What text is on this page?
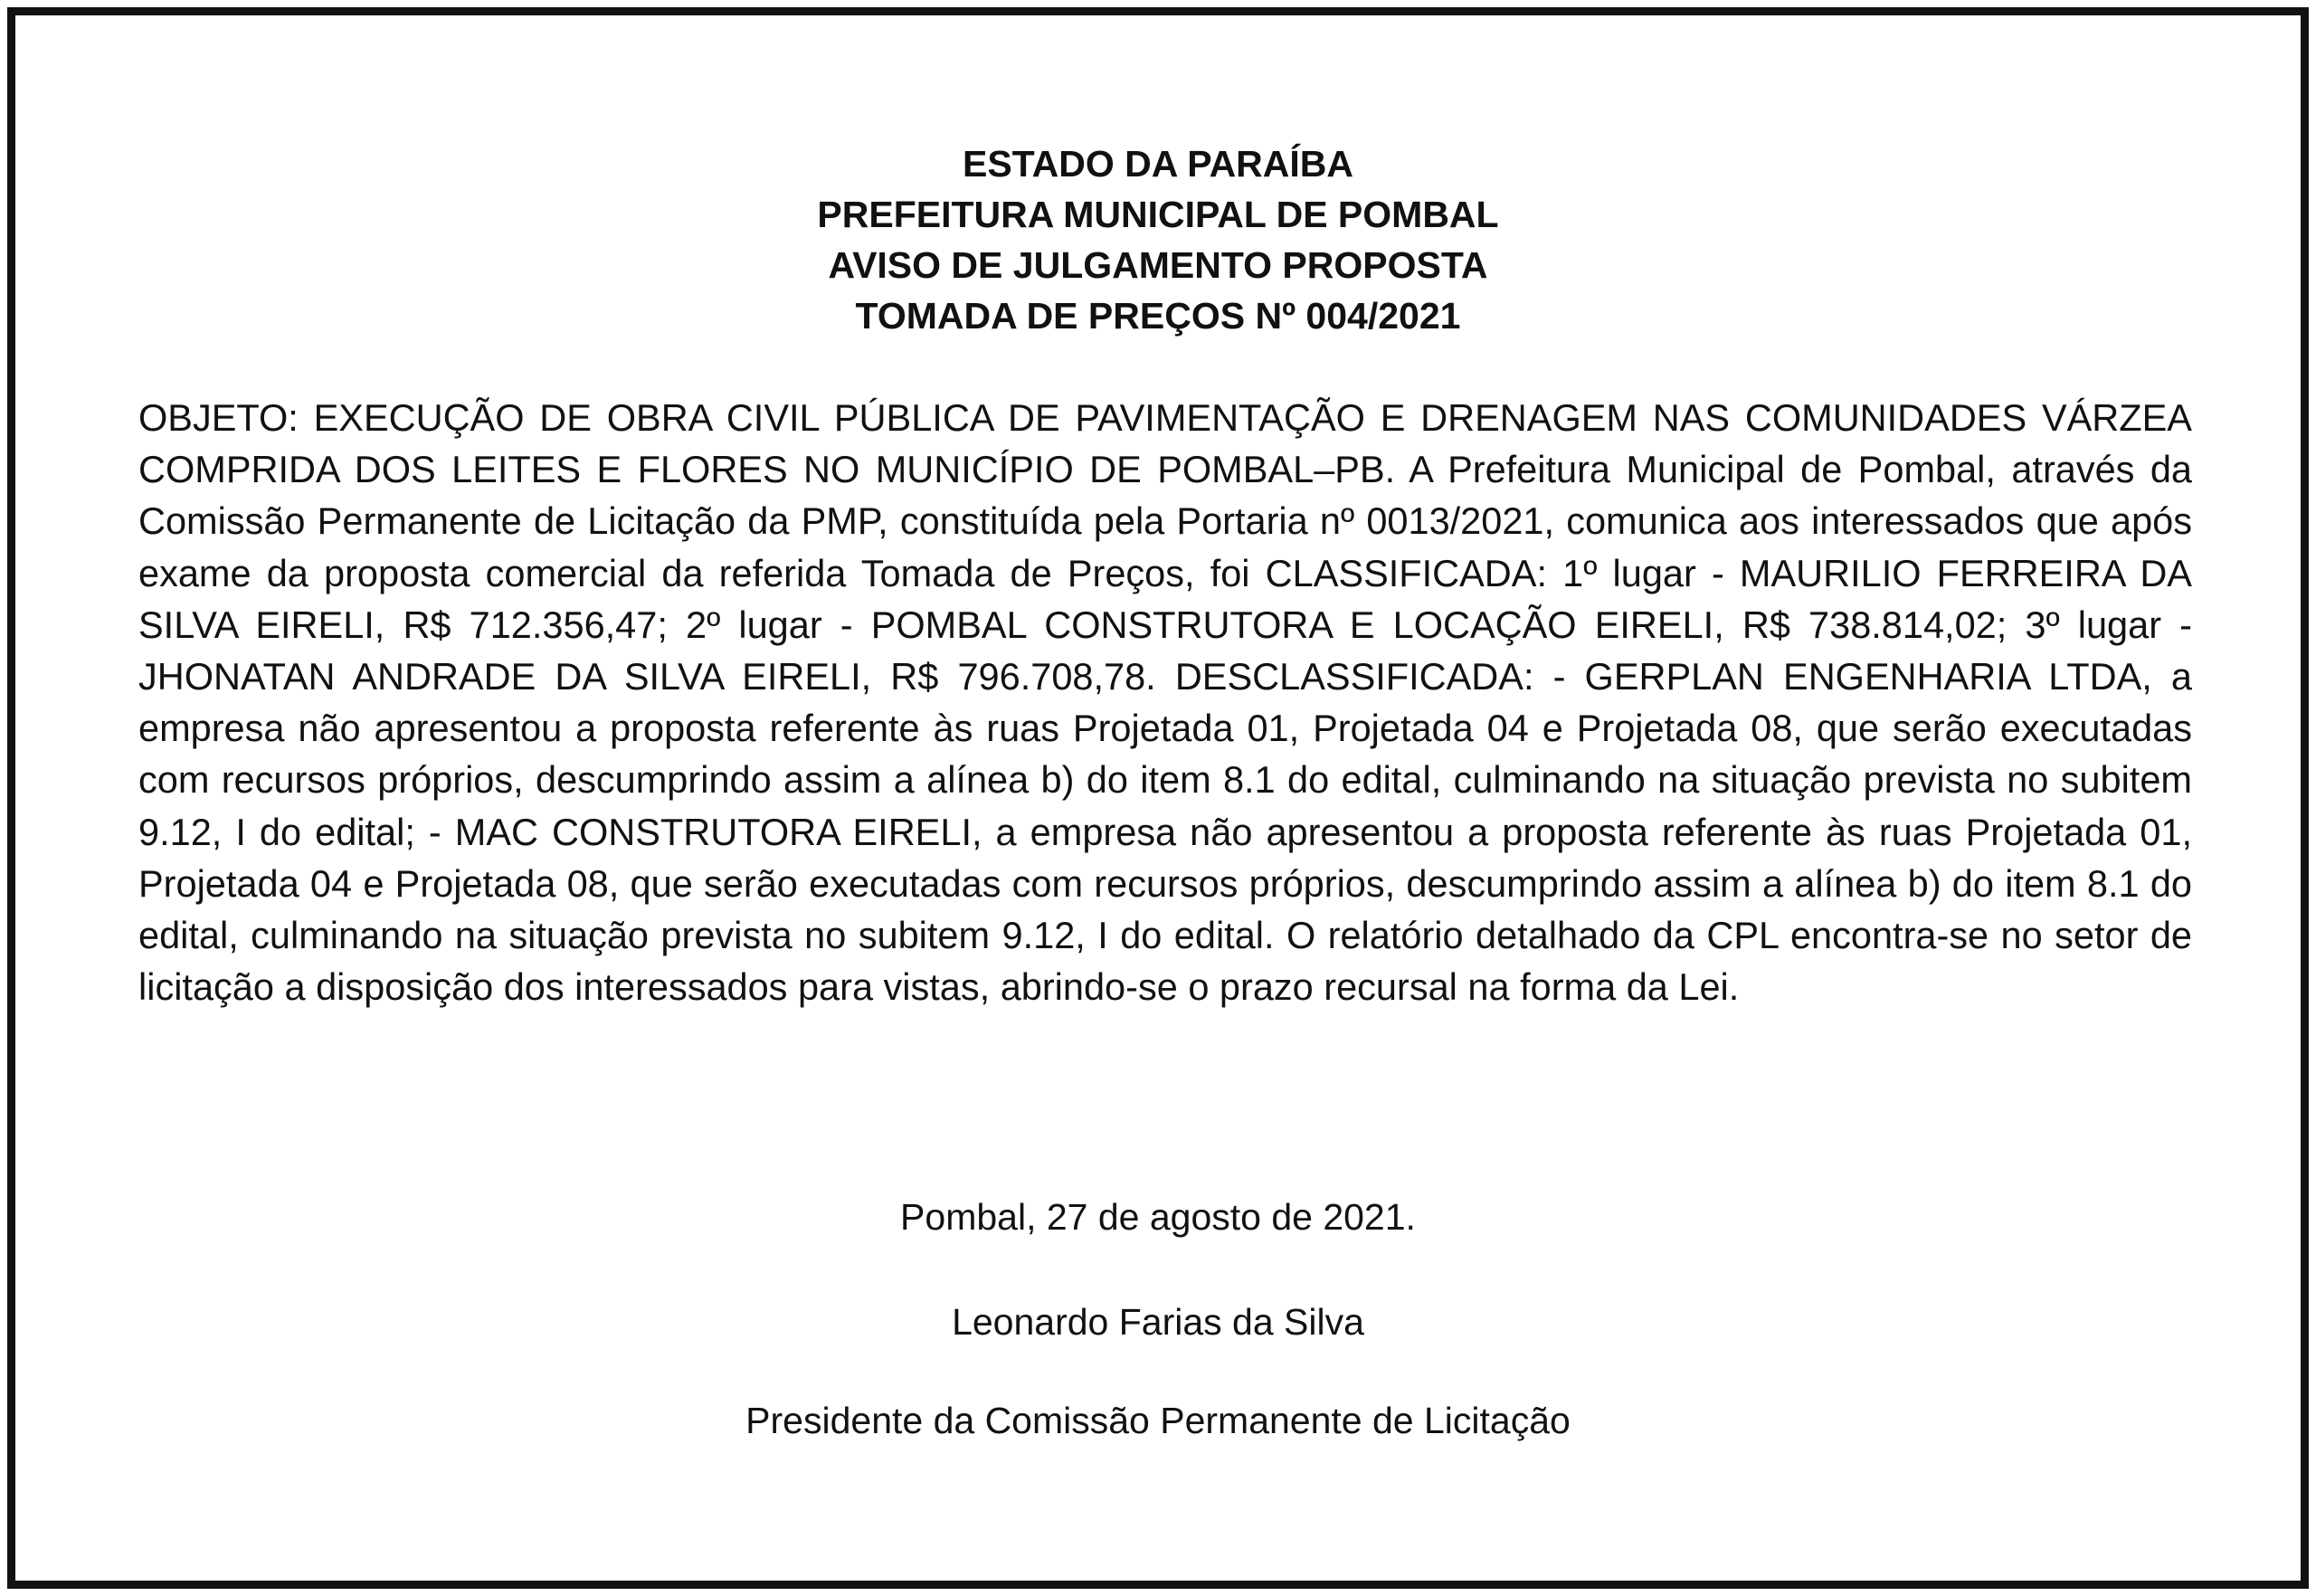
ESTADO DA PARAÍBA
PREFEITURA MUNICIPAL DE POMBAL
AVISO DE JULGAMENTO PROPOSTA
TOMADA DE PREÇOS Nº 004/2021

OBJETO: EXECUÇÃO DE OBRA CIVIL PÚBLICA DE PAVIMENTAÇÃO E DRENAGEM NAS COMUNIDADES VÁRZEA COMPRIDA DOS LEITES E FLORES NO MUNICÍPIO DE POMBAL–PB. A Prefeitura Municipal de Pombal, através da Comissão Permanente de Licitação da PMP, constituída pela Portaria nº 0013/2021, comunica aos interessados que após exame da proposta comercial da referida Tomada de Preços, foi CLASSIFICADA: 1º lugar - MAURILIO FERREIRA DA SILVA EIRELI, R$ 712.356,47; 2º lugar - POMBAL CONSTRUTORA E LOCAÇÃO EIRELI, R$ 738.814,02; 3º lugar - JHONATAN ANDRADE DA SILVA EIRELI, R$ 796.708,78. DESCLASSIFICADA: - GERPLAN ENGENHARIA LTDA, a empresa não apresentou a proposta referente às ruas Projetada 01, Projetada 04 e Projetada 08, que serão executadas com recursos próprios, descumprindo assim a alínea b) do item 8.1 do edital, culminando na situação prevista no subitem 9.12, I do edital; - MAC CONSTRUTORA EIRELI, a empresa não apresentou a proposta referente às ruas Projetada 01, Projetada 04 e Projetada 08, que serão executadas com recursos próprios, descumprindo assim a alínea b) do item 8.1 do edital, culminando na situação prevista no subitem 9.12, I do edital. O relatório detalhado da CPL encontra-se no setor de licitação a disposição dos interessados para vistas, abrindo-se o prazo recursal na forma da Lei.

Pombal, 27 de agosto de 2021.
Leonardo Farias da Silva
Presidente da Comissão Permanente de Licitação
